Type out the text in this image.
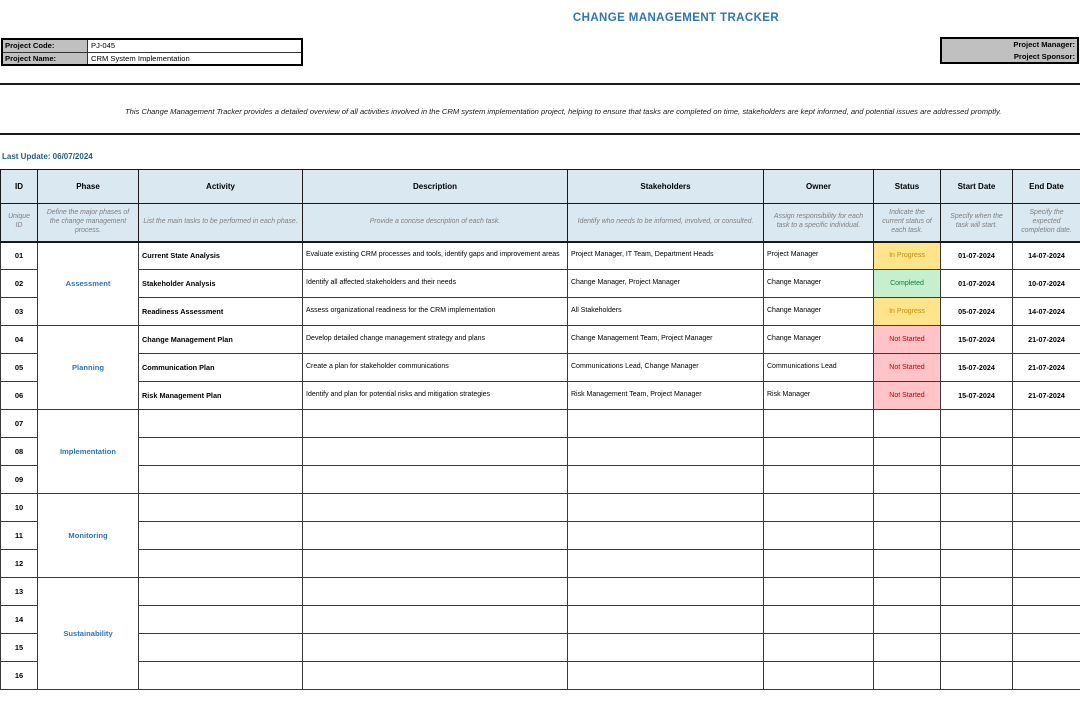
CHANGE MANAGEMENT TRACKER
Project Code:	PJ-045
Project Name:	CRM System Implementation
Project Manager:
Project Sponsor:
This Change Management Tracker provides a detailed overview of all activities involved in the CRM system implementation project, helping to ensure that tasks are completed on time, stakeholders are kept informed, and potential issues are addressed promptly.
Last Update: 06/07/2024
ID	Phase	Activity	Description	Stakeholders	Owner	Status	Start Date	End Date
Unique ID	Define the major phases of the change management process.	List the main tasks to be performed in each phase.	Provide a concise description of each task.	Identify who needs to be informed, involved, or consulted.	Assign responsibility for each task to a specific individual.	Indicate the current status of each task.	Specify when the task will start.	Specify the expected completion date.
01	Assessment	Current State Analysis	Evaluate existing CRM processes and tools, identify gaps and improvement areas	Project Manager, IT Team, Department Heads	Project Manager	In Progress	01-07-2024	14-07-2024
02		Stakeholder Analysis	Identify all affected stakeholders and their needs	Change Manager, Project Manager	Change Manager	Completed	01-07-2024	10-07-2024
03		Readiness Assessment	Assess organizational readiness for the CRM implementation	All Stakeholders	Change Manager	In Progress	05-07-2024	14-07-2024
04	Planning	Change Management Plan	Develop detailed change management strategy and plans	Change Management Team, Project Manager	Change Manager	Not Started	15-07-2024	21-07-2024
05		Communication Plan	Create a plan for stakeholder communications	Communications Lead, Change Manager	Communications Lead	Not Started	15-07-2024	21-07-2024
06		Risk Management Plan	Identify and plan for potential risks and mitigation strategies	Risk Management Team, Project Manager	Risk Manager	Not Started	15-07-2024	21-07-2024
07	Implementation							
08								
09								
10	Monitoring							
11								
12								
13	Sustainability							
14								
15								
16								
